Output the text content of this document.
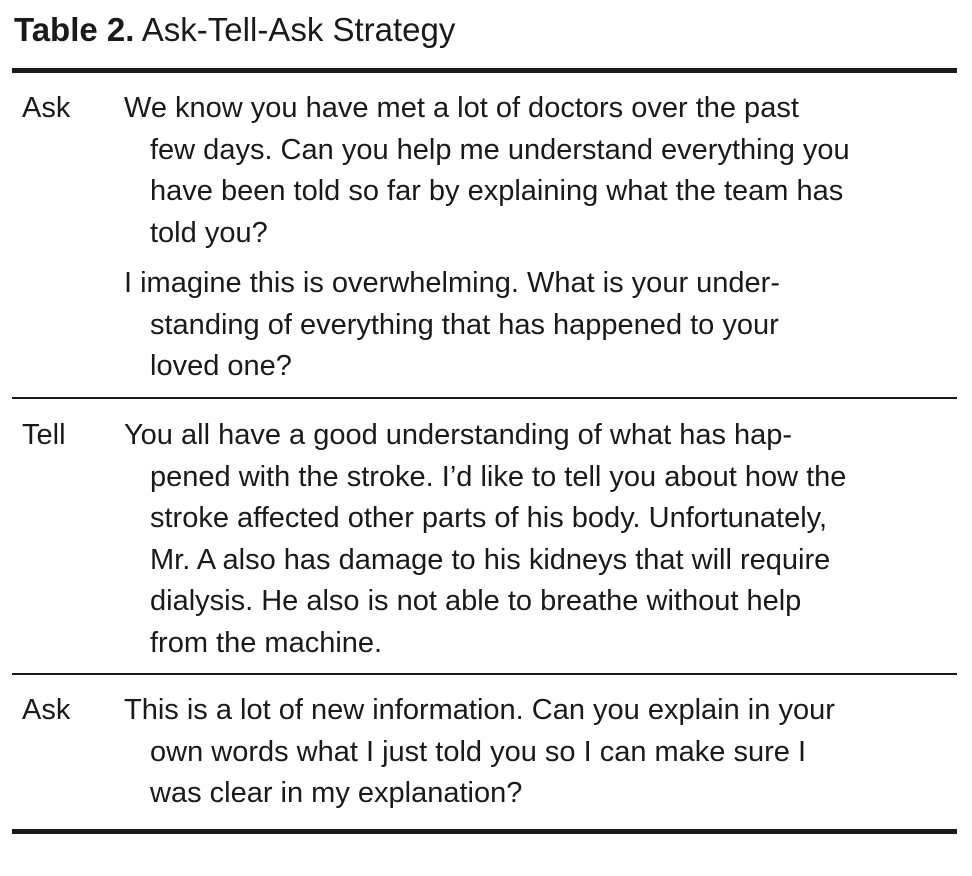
Table 2. Ask-Tell-Ask Strategy
Ask We know you have met a lot of doctors over the past
few days. Can you help me understand everything you
have been told so far by explaining what the team has
told you?
I imagine this is overwhelming. What is your under-
standing of everything that has happened to your
loved one?
Tell You all have a good understanding of what has hap-
pened with the stroke. I’d like to tell you about how the
stroke affected other parts of his body. Unfortunately,
Mr. A also has damage to his kidneys that will require
dialysis. He also is not able to breathe without help
from the machine.
Ask This is a lot of new information. Can you explain in your
own words what I just told you so I can make sure I
was clear in my explanation?
